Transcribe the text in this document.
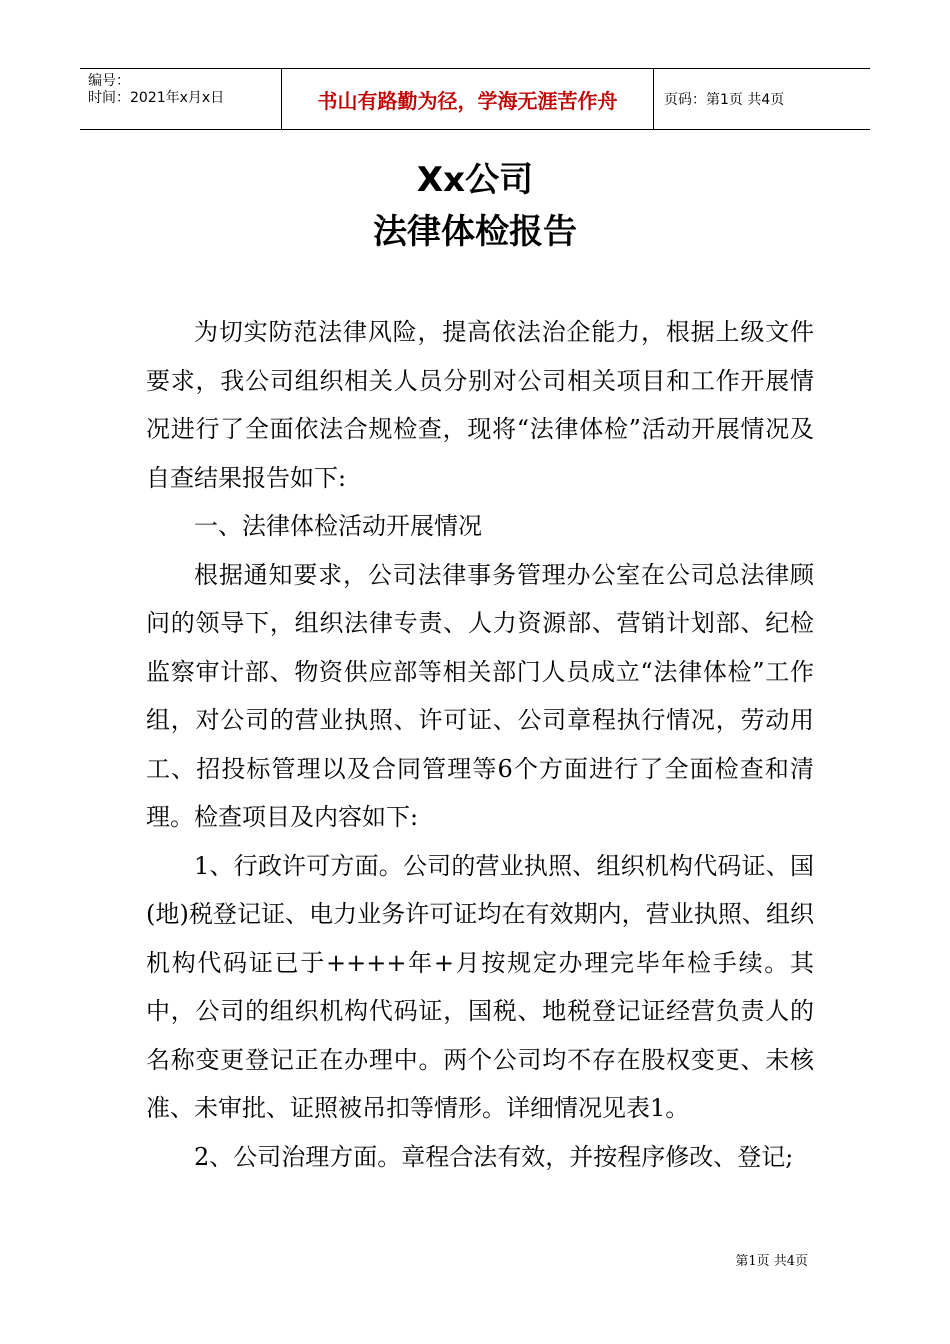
编号：
时间：2021年x月x日	书山有路勤为径，学海无涯苦作舟	页码：第1页 共4页
Xx公司
法律体检报告

为切实防范法律风险，提高依法治企能力，根据上级文件要求，我公司组织相关人员分别对公司相关项目和工作开展情况进行了全面依法合规检查，现将“法律体检”活动开展情况及自查结果报告如下:

一、法律体检活动开展情况

根据通知要求，公司法律事务管理办公室在公司总法律顾问的领导下，组织法律专责、人力资源部、营销计划部、纪检监察审计部、物资供应部等相关部门人员成立“法律体检”工作组，对公司的营业执照、许可证、公司章程执行情况，劳动用工、招投标管理以及合同管理等6个方面进行了全面检查和清理。检查项目及内容如下:

1、行政许可方面。公司的营业执照、组织机构代码证、国(地)税登记证、电力业务许可证均在有效期内，营业执照、组织机构代码证已于++++年+月按规定办理完毕年检手续。其中，公司的组织机构代码证，国税、地税登记证经营负责人的名称变更登记正在办理中。两个公司均不存在股权变更、未核准、未审批、证照被吊扣等情形。详细情况见表1。

2、公司治理方面。章程合法有效，并按程序修改、登记;

第1页 共4页
